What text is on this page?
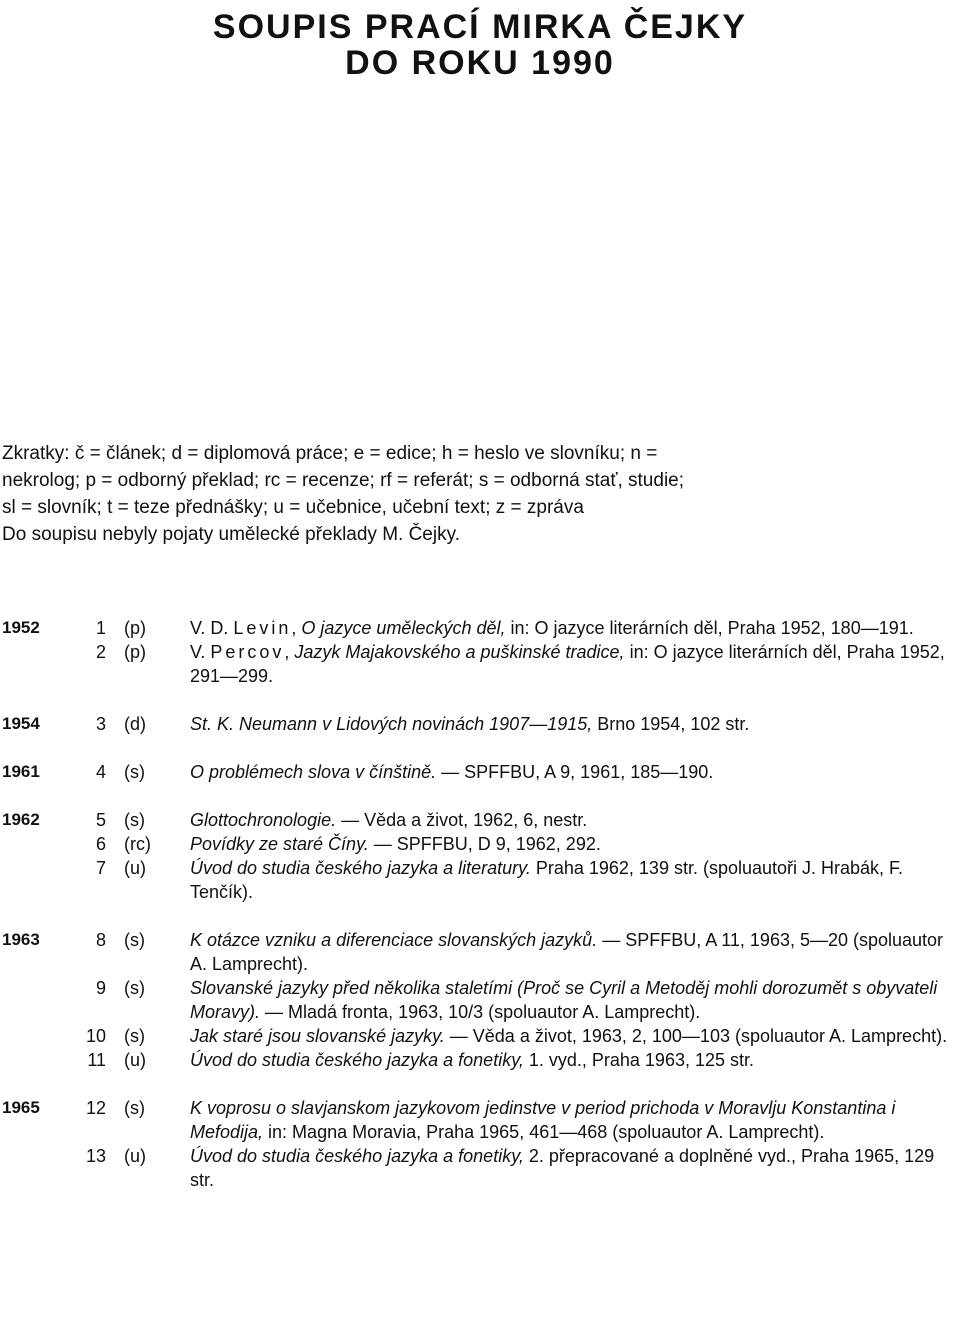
SOUPIS PRACÍ MIRKA ČEJKY
DO ROKU 1990

Zkratky: č = článek; d = diplomová práce; e = edice; h = heslo ve slovníku; n =

nekrolog; p = odborný překlad; rc = recenze; rf = referát; s = odborná stať, studie;

sl = slovník; t = teze přednášky; u = učebnice, učební text; z = zpráva

Do soupisu nebyly pojaty umělecké překlady M. Čejky.

1952	1 (p)	V. D. Levin, O jazyce uměleckých děl, in: O jazyce literárních děl, Praha 1952, 180—191.
2 (p)	V. Percov, Jazyk Majakovského a puškinské tradice, in: O jazyce literárních děl, Praha 1952, 291—299.
1954	3 (d)	St. K. Neumann v Lidových novinách 1907—1915, Brno 1954, 102 str.
1961	4 (s)	O problémech slova v čínštině. — SPFFBU, A 9, 1961, 185—190.
1962	5 (s)	Glottochronologie. — Věda a život, 1962, 6, nestr.
6 (rc)	Povídky ze staré Číny. — SPFFBU, D 9, 1962, 292.
7 (u)	Úvod do studia českého jazyka a literatury. Praha 1962, 139 str. (spoluautoři J. Hrabák, F. Tenčík).
1963	8 (s)	K otázce vzniku a diferenciace slovanských jazyků. — SPFFBU, A 11, 1963, 5—20 (spoluautor A. Lamprecht).
9 (s)	Slovanské jazyky před několika staletími (Proč se Cyril a Metoděj mohli dorozumět s obyvateli Moravy). — Mladá fronta, 1963, 10/3 (spoluautor A. Lamprecht).
10 (s)	Jak staré jsou slovanské jazyky. — Věda a život, 1963, 2, 100—103 (spoluautor A. Lamprecht).
11 (u)	Úvod do studia českého jazyka a fonetiky, 1. vyd., Praha 1963, 125 str.
1965	12 (s)	K voprosu o slavjanskom jazykovom jedinstve v period prichoda v Moravlju Konstantina i Mefodija, in: Magna Moravia, Praha 1965, 461—468 (spoluautor A. Lamprecht).
13 (u)	Úvod do studia českého jazyka a fonetiky, 2. přepracované a doplněné vyd., Praha 1965, 129 str.
